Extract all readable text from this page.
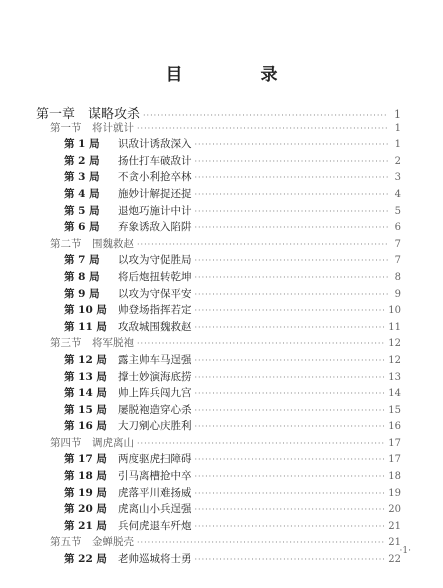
目 录
第一章　谋略攻杀 ·····	1
第一节　将计就计 ·····	1
第 1 局	识敌计诱敌深入 ·····	1
第 2 局	扬仕打车破敌计 ·····	2
第 3 局	不贪小利抢卒林 ·····	3
第 4 局	施妙计解捉还捉 ·····	4
第 5 局	退炮巧施计中计 ·····	5
第 6 局	弃象诱敌入陷阱 ·····	6
第二节　围魏救赵 ·····	7
第 7 局	以攻为守促胜局 ·····	7
第 8 局	将后炮扭转乾坤 ·····	8
第 9 局	以攻为守保平安 ·····	9
第 10 局	帅登场指挥若定 ·····	10
第 11 局	攻敌城围魏救赵 ·····	11
第三节　将军脱袍 ·····	12
第 12 局	露主帅车马逞强 ·····	12
第 13 局	撑士妙演海底捞 ·····	13
第 14 局	帅上阵兵闯九宫 ·····	14
第 15 局	屡脱袍造穿心杀 ·····	15
第 16 局	大刀剜心庆胜利 ·····	16
第四节　调虎离山 ·····	17
第 17 局	两度驱虎扫障碍 ·····	17
第 18 局	引马离槽抢中卒 ·····	18
第 19 局	虎落平川难扬威 ·····	19
第 20 局	虎离山小兵逞强 ·····	20
第 21 局	兵伺虎退车歼炮 ·····	21
第五节　金蝉脱壳 ·····	21
第 22 局	老帅巡城将士勇 ·····	22
·1·
